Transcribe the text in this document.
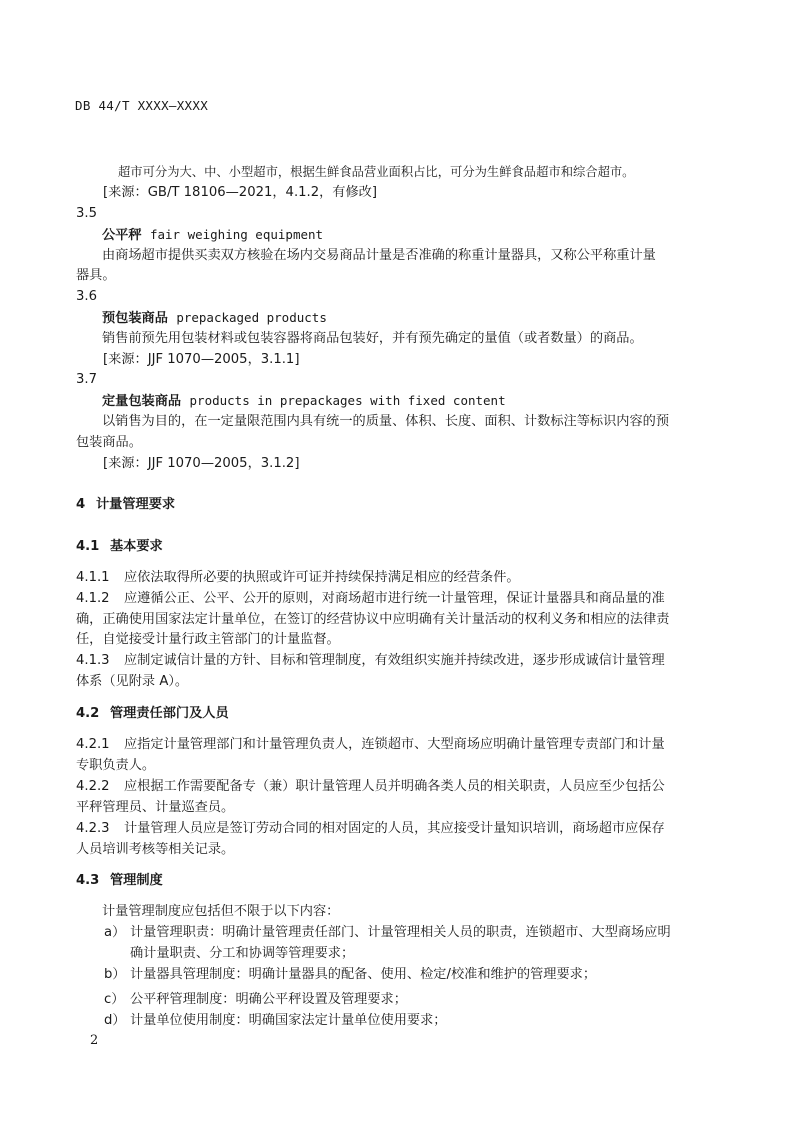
DB 44/T XXXX—XXXX
超市可分为大、中、小型超市，根据生鲜食品营业面积占比，可分为生鲜食品超市和综合超市。
[来源：GB/T 18106—2021，4.1.2，有修改]
3.5
公平秤 fair weighing equipment
由商场超市提供买卖双方核验在场内交易商品计量是否准确的称重计量器具，又称公平称重计量
器具。
3.6
预包装商品 prepackaged products
销售前预先用包装材料或包装容器将商品包装好，并有预先确定的量值（或者数量）的商品。
[来源：JJF 1070—2005，3.1.1]
3.7
定量包装商品 products in prepackages with fixed content
以销售为目的，在一定量限范围内具有统一的质量、体积、长度、面积、计数标注等标识内容的预
包装商品。
[来源：JJF 1070—2005，3.1.2]
4 计量管理要求
4.1 基本要求
4.1.1 应依法取得所必要的执照或许可证并持续保持满足相应的经营条件。
4.1.2 应遵循公正、公平、公开的原则，对商场超市进行统一计量管理，保证计量器具和商品量的准
确，正确使用国家法定计量单位，在签订的经营协议中应明确有关计量活动的权利义务和相应的法律责
任，自觉接受计量行政主管部门的计量监督。
4.1.3 应制定诚信计量的方针、目标和管理制度，有效组织实施并持续改进，逐步形成诚信计量管理
体系（见附录 A）。
4.2 管理责任部门及人员
4.2.1 应指定计量管理部门和计量管理负责人，连锁超市、大型商场应明确计量管理专责部门和计量
专职负责人。
4.2.2 应根据工作需要配备专（兼）职计量管理人员并明确各类人员的相关职责，人员应至少包括公
平秤管理员、计量巡查员。
4.2.3 计量管理人员应是签订劳动合同的相对固定的人员，其应接受计量知识培训，商场超市应保存
人员培训考核等相关记录。
4.3 管理制度
计量管理制度应包括但不限于以下内容：
a） 计量管理职责：明确计量管理责任部门、计量管理相关人员的职责，连锁超市、大型商场应明
确计量职责、分工和协调等管理要求；
b） 计量器具管理制度：明确计量器具的配备、使用、检定/校准和维护的管理要求；
c） 公平秤管理制度：明确公平秤设置及管理要求；
d） 计量单位使用制度：明确国家法定计量单位使用要求；
2
